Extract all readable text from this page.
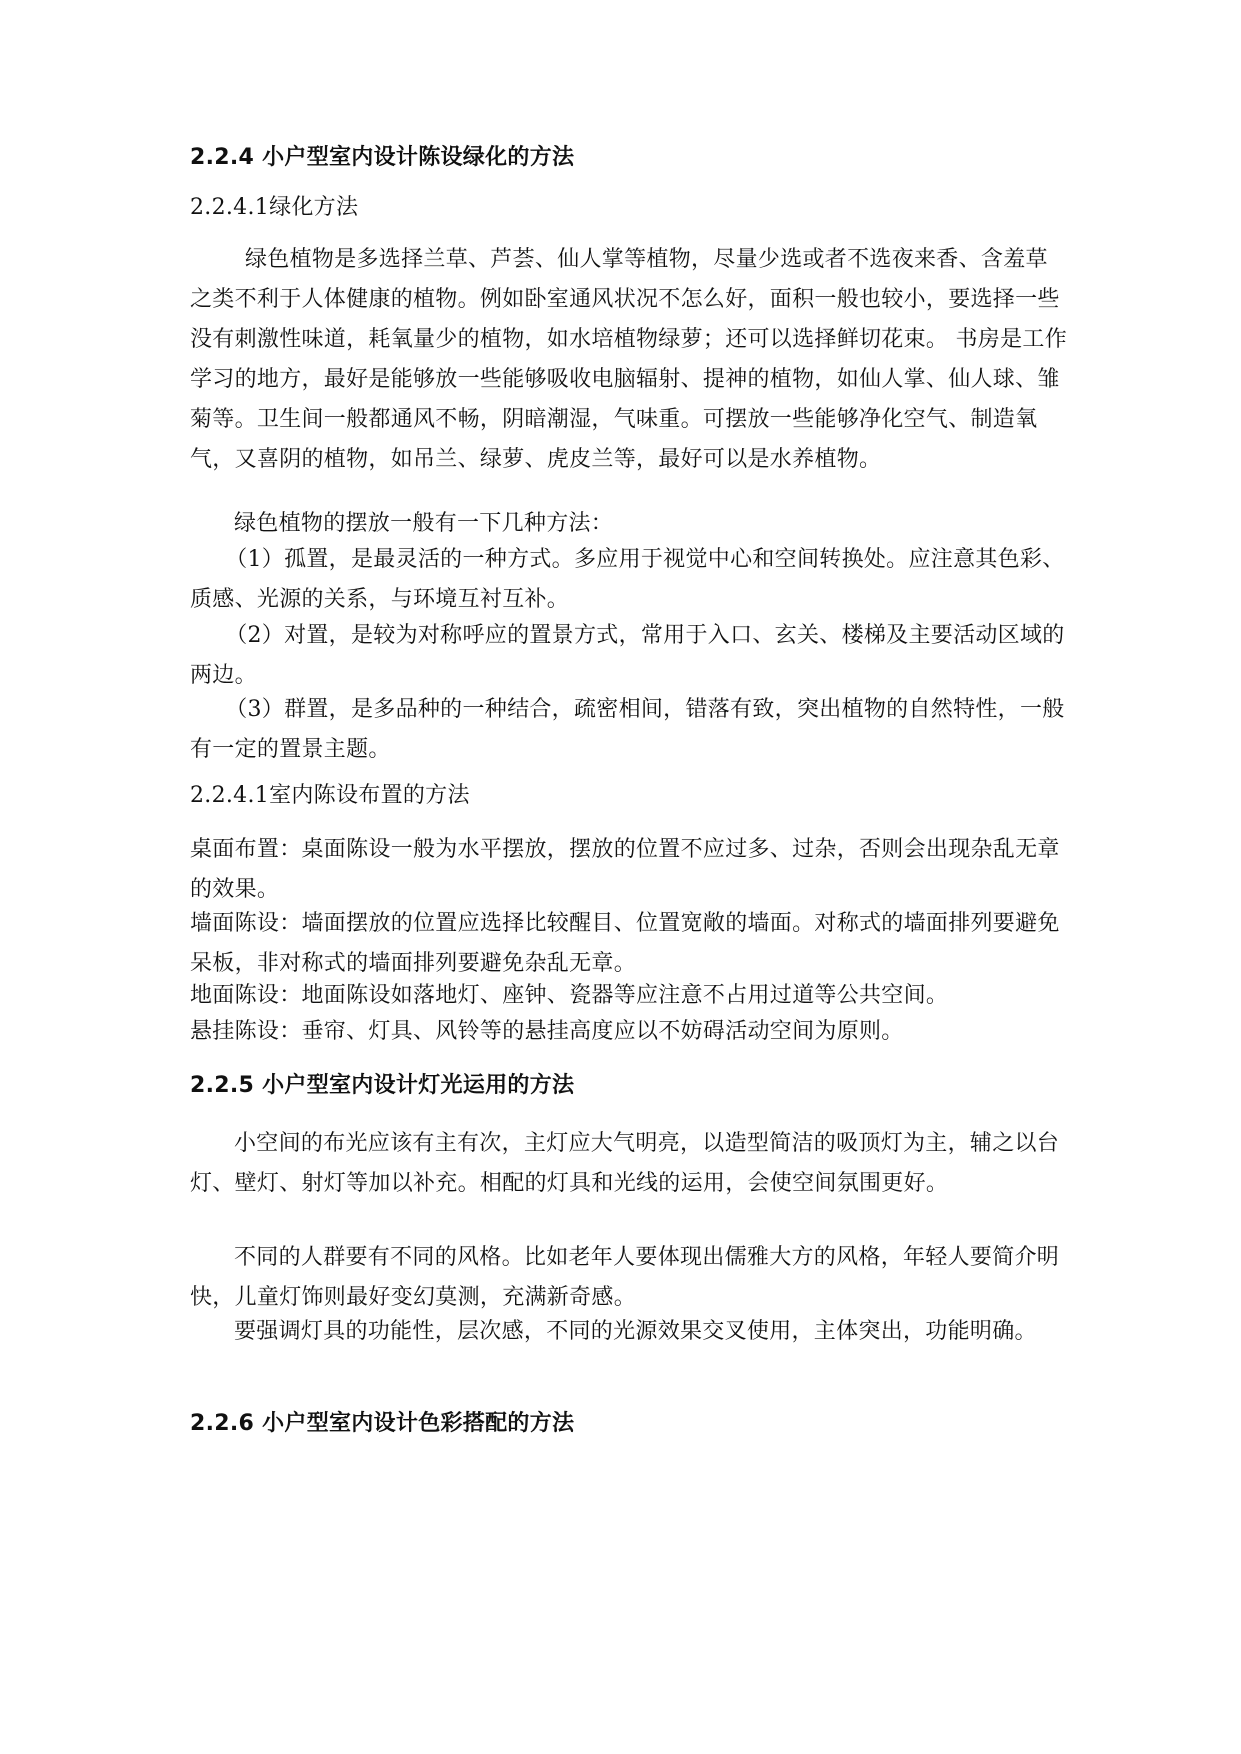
2.2.4 小户型室内设计陈设绿化的方法
2.2.4.1绿化方法

绿色植物是多选择兰草、芦荟、仙人掌等植物，尽量少选或者不选夜来香、含羞草之类不利于人体健康的植物。例如卧室通风状况不怎么好，面积一般也较小，要选择一些没有刺激性味道，耗氧量少的植物，如水培植物绿萝；还可以选择鲜切花束。 书房是工作学习的地方，最好是能够放一些能够吸收电脑辐射、提神的植物，如仙人掌、仙人球、雏菊等。卫生间一般都通风不畅，阴暗潮湿，气味重。可摆放一些能够净化空气、制造氧气，又喜阴的植物，如吊兰、绿萝、虎皮兰等，最好可以是水养植物。

绿色植物的摆放一般有一下几种方法：

（1）孤置，是最灵活的一种方式。多应用于视觉中心和空间转换处。应注意其色彩、质感、光源的关系，与环境互衬互补。

（2）对置，是较为对称呼应的置景方式，常用于入口、玄关、楼梯及主要活动区域的两边。

（3）群置，是多品种的一种结合，疏密相间，错落有致，突出植物的自然特性，一般有一定的置景主题。

2.2.4.1室内陈设布置的方法

桌面布置：桌面陈设一般为水平摆放，摆放的位置不应过多、过杂，否则会出现杂乱无章的效果。

墙面陈设：墙面摆放的位置应选择比较醒目、位置宽敞的墙面。对称式的墙面排列要避免呆板，非对称式的墙面排列要避免杂乱无章。

地面陈设：地面陈设如落地灯、座钟、瓷器等应注意不占用过道等公共空间。

悬挂陈设：垂帘、灯具、风铃等的悬挂高度应以不妨碍活动空间为原则。

2.2.5 小户型室内设计灯光运用的方法

小空间的布光应该有主有次，主灯应大气明亮，以造型简洁的吸顶灯为主，辅之以台灯、壁灯、射灯等加以补充。相配的灯具和光线的运用，会使空间氛围更好。

不同的人群要有不同的风格。比如老年人要体现出儒雅大方的风格，年轻人要简介明快，儿童灯饰则最好变幻莫测，充满新奇感。

要强调灯具的功能性，层次感，不同的光源效果交叉使用，主体突出，功能明确。

2.2.6 小户型室内设计色彩搭配的方法
